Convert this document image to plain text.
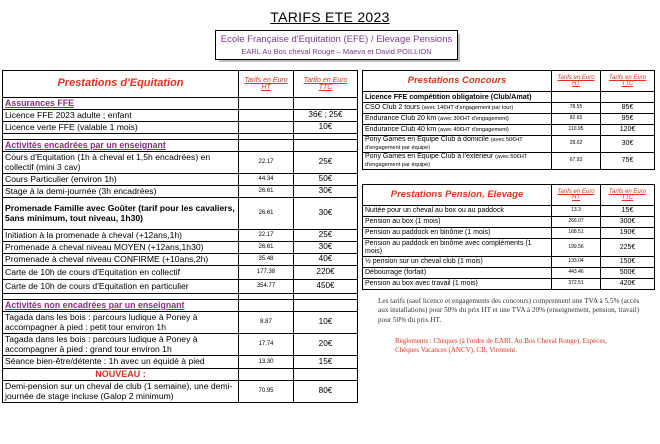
TARIFS ETE 2023
Ecole Française d'Equitation (EFE) / Elevage Pensions
EARL Au Bos cheval Rouge – Maeva et David POILLION
Prestations d'Equitation	Tarifs en Euro HT	Tarifo en Euro TTC
Assurances FFE		
Licence FFE 2023 adulte ; enfant		36€ ; 25€
Licence verte FFE (valable 1 mois)		10€

Activités encadrées par un enseignant		
Cours d'Equitation (1h à cheval et 1,5h encadrées) en collectif (mini 3 cav)	22.17	25€
Cours Particulier (environ 1h)	44.34	50€
Stage à la demi-journée (3h encadrées)	26.61	30€
Promenade Famille avec Goûter (tarif pour les cavaliers, 5ans minimum, tout niveau, 1h30)	26.61	30€
Initiation à la promenade à cheval (+12ans,1h)	22.17	25€
Promenade à cheval niveau MOYEN (+12ans,1h30)	26.61	30€
Promenade à cheval niveau CONFIRME (+10ans,2h)	35.48	40€
Carte de 10h de cours d'Equitation en collectif	177.38	220€
Carte de 10h de cours d'Equitation en particulier	354.77	450€

Activités non encadrées par un enseignant		
Tagada dans les bois : parcours ludique à Poney à accompagner à pied : petit tour environ 1h	8.87	10€
Tagada dans les bois : parcours ludique à Poney à accompagner à pied : grand tour environ 1h	17.74	20€
Séance bien-être/détente : 1h avec un équidé à pied	13.30	15€
NOUVEAU :		
Demi-pension sur un cheval de club (1 semaine), une demi-journée de stage incluse (Galop 2 minimum)	70.95	80€
Prestations Concours	Tarifs en Euro HT	Tarifs en Euro TTC
Licence FFE compétition obligatoire (Club/Amat)		
CSO Club 2 tours (avec 14€HT d'engagement par tour)	78.55	85€
Endurance Club 20 km (avec 30€HT d'engagement)	82.65	95€
Endurance Club 40 km (avec 40€HT d'engagement)	110.95	120€
Pony Games en Equipe Club à domicile (avec 50€HT d'engagement par équipe)	28.02	30€
Pony Games en Equipe Club à l'extérieur (avec 50€HT d'engagement par équipe)	67.93	75€
Prestations Pension, Elevage	Tarifs en Euro HT	Tarifs en Euro TTC
Nuitée pour un cheval au box ou au paddock	13.3	15€
Pension au box (1 mois)	266.07	300€
Pension au paddock en binôme (1 mois)	168.51	190€
Pension au paddock en binôme avec compléments (1 mois)	199.56	225€
½ pension sur un cheval club (1 mois)	133.04	150€
Débourrage (forfait)	443.46	500€
Pension au box avec travail (1 mois)	372.51	420€
Les tarifs (sauf licence et engagements des concours) comprennent une TVA à 5.5% (accès aux installations) pour 50% du prix HT et une TVA à 20% (enseignement, pension, travail) pour 50% du prix HT.
Règlements : Chèques (à l'ordre de EARL Au Bos Cheval Rouge), Espèces, Chèques Vacances (ANCV), CB, Virement.
